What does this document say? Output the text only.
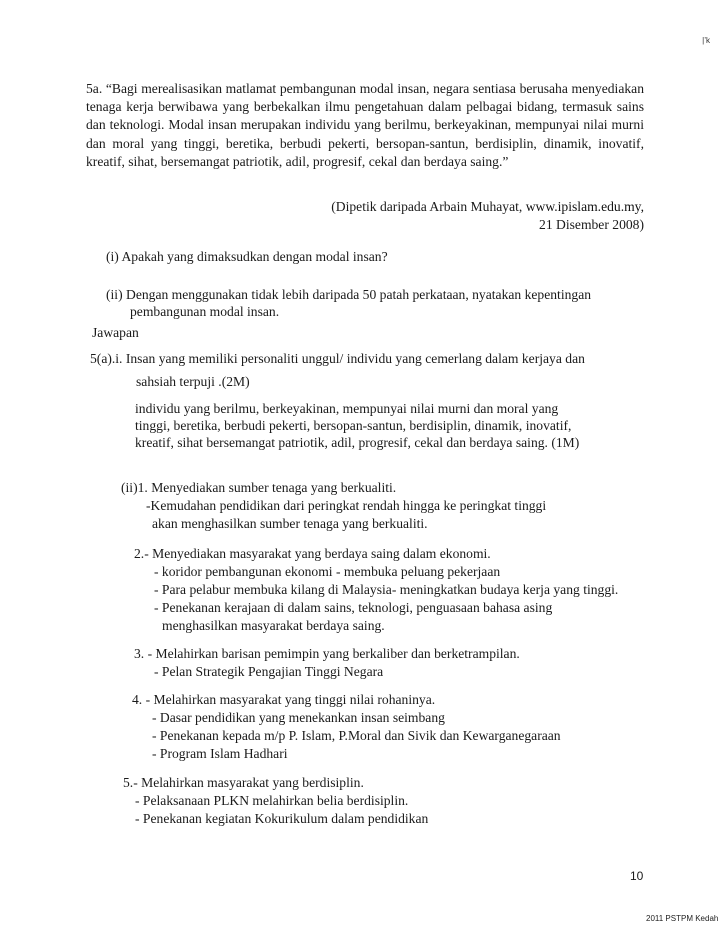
|’k
5a. “Bagi merealisasikan matlamat pembangunan modal insan, negara sentiasa berusaha menyediakan tenaga kerja berwibawa yang berbekalkan ilmu pengetahuan dalam pelbagai bidang, termasuk sains dan teknologi. Modal insan merupakan individu yang berilmu, berkeyakinan, mempunyai nilai murni dan moral yang tinggi, beretika, berbudi pekerti, bersopan-santun, berdisiplin, dinamik, inovatif, kreatif, sihat, bersemangat patriotik, adil, progresif, cekal dan berdaya saing.”
(Dipetik daripada Arbain Muhayat, www.ipislam.edu.my,
21 Disember 2008)
(i) Apakah yang dimaksudkan dengan modal insan?
(ii) Dengan menggunakan tidak lebih daripada 50 patah perkataan, nyatakan kepentingan
pembangunan modal insan.
Jawapan
5(a).i. Insan yang memiliki personaliti unggul/ individu yang cemerlang dalam kerjaya dan
sahsiah terpuji .(2M)
individu yang berilmu, berkeyakinan, mempunyai nilai murni dan moral yang
tinggi, beretika, berbudi pekerti, bersopan-santun, berdisiplin, dinamik, inovatif,
kreatif, sihat bersemangat patriotik, adil, progresif, cekal dan berdaya saing. (1M)
(ii)1. Menyediakan sumber tenaga yang berkualiti.
-Kemudahan pendidikan dari peringkat rendah hingga ke peringkat tinggi
akan menghasilkan sumber tenaga yang berkualiti.
2.- Menyediakan masyarakat yang berdaya saing dalam ekonomi.
- koridor pembangunan ekonomi - membuka peluang pekerjaan
- Para pelabur membuka kilang di Malaysia- meningkatkan budaya kerja yang tinggi.
- Penekanan kerajaan di dalam sains, teknologi, penguasaan bahasa asing
menghasilkan masyarakat berdaya saing.
3. - Melahirkan barisan pemimpin yang berkaliber dan berketrampilan.
- Pelan Strategik Pengajian Tinggi Negara
4. - Melahirkan masyarakat yang tinggi nilai rohaninya.
- Dasar pendidikan yang menekankan insan seimbang
- Penekanan kepada m/p P. Islam, P.Moral dan Sivik dan Kewarganegaraan
- Program Islam Hadhari
5.- Melahirkan masyarakat yang berdisiplin.
- Pelaksanaan PLKN melahirkan belia berdisiplin.
- Penekanan kegiatan Kokurikulum dalam pendidikan
10
2011 PSTPM Kedah
